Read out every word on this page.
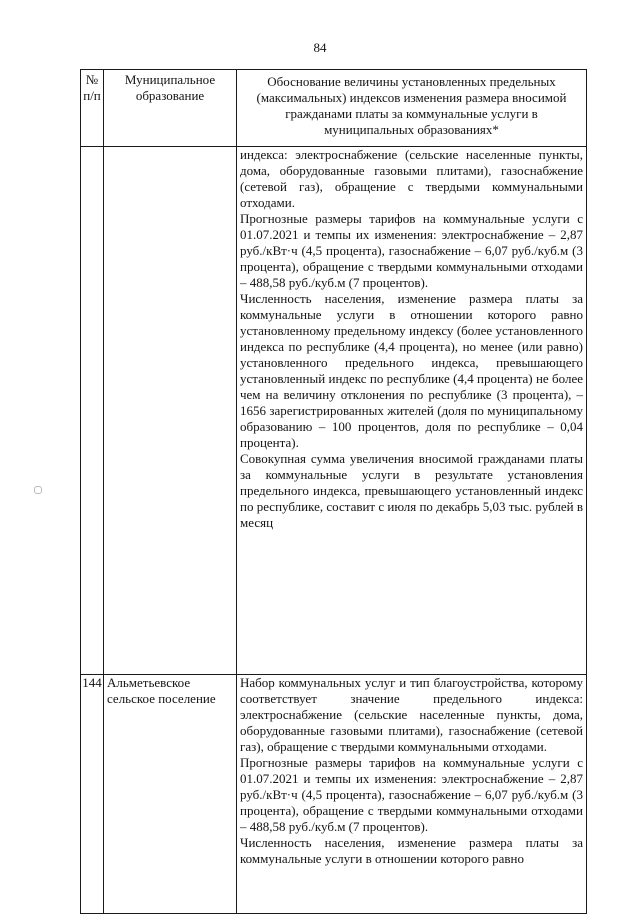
84
№ п/п	Муниципальное образование	Обоснование величины установленных предельных (максимальных) индексов изменения размера вносимой гражданами платы за коммунальные услуги в муниципальных образованиях*

		индекса: электроснабжение (сельские населенные пункты, дома, оборудованные газовыми плитами), газоснабжение (сетевой газ), обращение с твердыми коммунальными отходами.

Прогнозные размеры тарифов на коммунальные услуги с 01.07.2021 и темпы их изменения: электроснабжение – 2,87 руб./кВт·ч (4,5 процента), газоснабжение – 6,07 руб./куб.м (3 процента), обращение с твердыми коммунальными отходами – 488,58 руб./куб.м (7 процентов).

Численность населения, изменение размера платы за коммунальные услуги в отношении которого равно установленному предельному индексу (более установленного индекса по республике (4,4 процента), но менее (или равно) установленного предельного индекса, превышающего установленный индекс по республике (4,4 процента) не более чем на величину отклонения по республике (3 процента), – 1656 зарегистрированных жителей (доля по муниципальному образованию – 100 процентов, доля по республике – 0,04 процента).

Совокупная сумма увеличения вносимой гражданами платы за коммунальные услуги в результате установления предельного индекса, превышающего установленный индекс по республике, составит с июля по декабрь 5,03 тыс. рублей в месяц

144	Альметьевское сельское поселение	Набор коммунальных услуг и тип благоустройства, которому соответствует значение предельного индекса: электроснабжение (сельские населенные пункты, дома, оборудованные газовыми плитами), газоснабжение (сетевой газ), обращение с твердыми коммунальными отходами.

Прогнозные размеры тарифов на коммунальные услуги с 01.07.2021 и темпы их изменения: электроснабжение – 2,87 руб./кВт·ч (4,5 процента), газоснабжение – 6,07 руб./куб.м (3 процента), обращение с твердыми коммунальными отходами – 488,58 руб./куб.м (7 процентов).

Численность населения, изменение размера платы за коммунальные услуги в отношении которого равно
